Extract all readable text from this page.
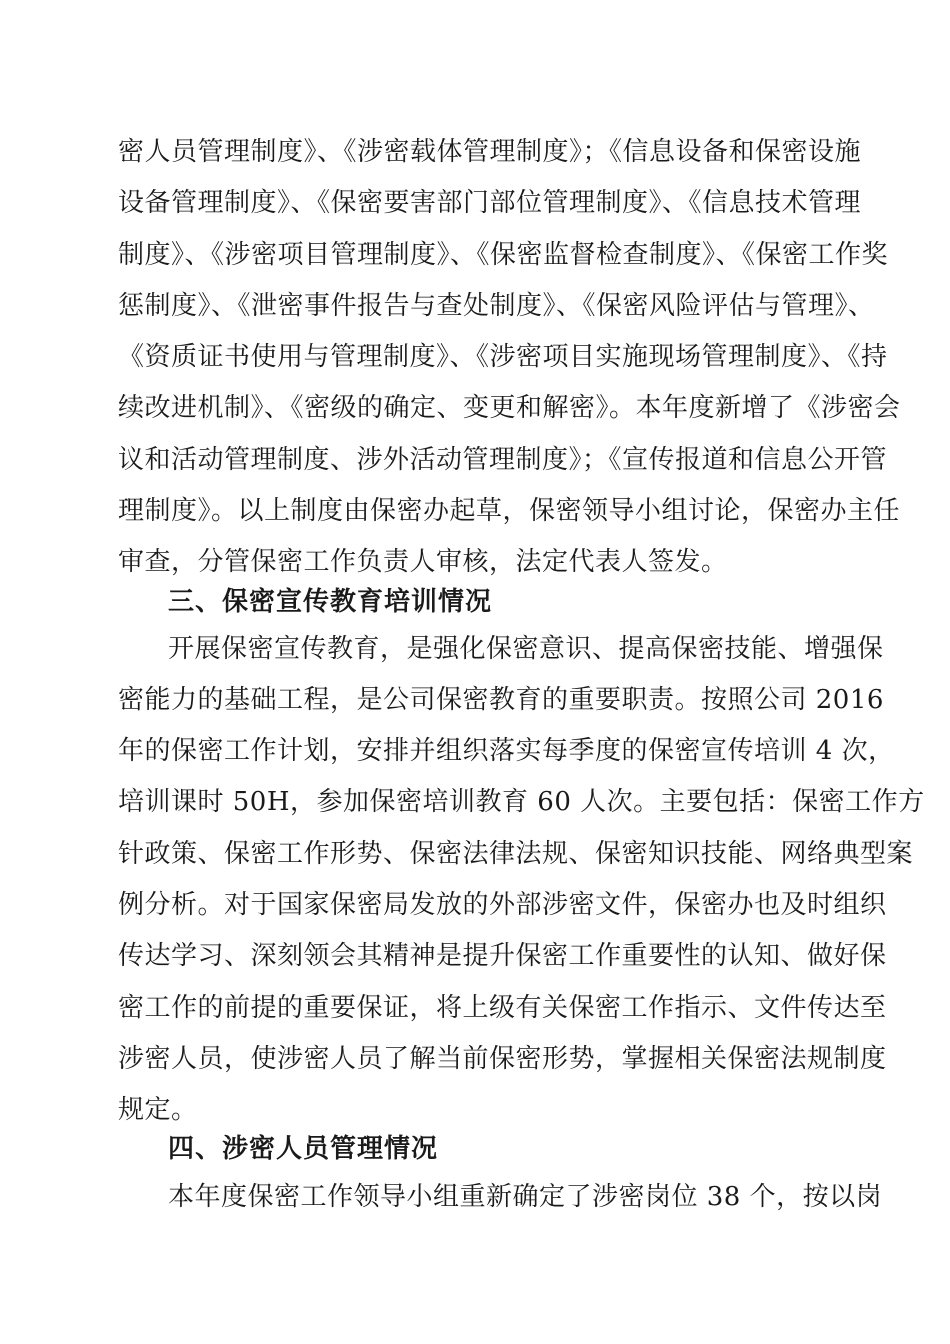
密人员管理制度》、《涉密载体管理制度》；《信息设备和保密设施
设备管理制度》、《保密要害部门部位管理制度》、《信息技术管理
制度》、《涉密项目管理制度》、《保密监督检查制度》、《保密工作奖
惩制度》、《泄密事件报告与查处制度》、《保密风险评估与管理》、
《资质证书使用与管理制度》、《涉密项目实施现场管理制度》、《持
续改进机制》、《密级的确定、变更和解密》。本年度新增了《涉密会
议和活动管理制度、涉外活动管理制度》；《宣传报道和信息公开管
理制度》。以上制度由保密办起草，保密领导小组讨论，保密办主任
审查，分管保密工作负责人审核，法定代表人签发。
三、保密宣传教育培训情况
开展保密宣传教育，是强化保密意识、提高保密技能、增强保
密能力的基础工程，是公司保密教育的重要职责。按照公司 2016
年的保密工作计划，安排并组织落实每季度的保密宣传培训 4 次，
培训课时 50H，参加保密培训教育 60 人次。主要包括：保密工作方
针政策、保密工作形势、保密法律法规、保密知识技能、网络典型案
例分析。对于国家保密局发放的外部涉密文件，保密办也及时组织
传达学习、深刻领会其精神是提升保密工作重要性的认知、做好保
密工作的前提的重要保证，将上级有关保密工作指示、文件传达至
涉密人员，使涉密人员了解当前保密形势，掌握相关保密法规制度
规定。
四、涉密人员管理情况
本年度保密工作领导小组重新确定了涉密岗位 38 个，按以岗
